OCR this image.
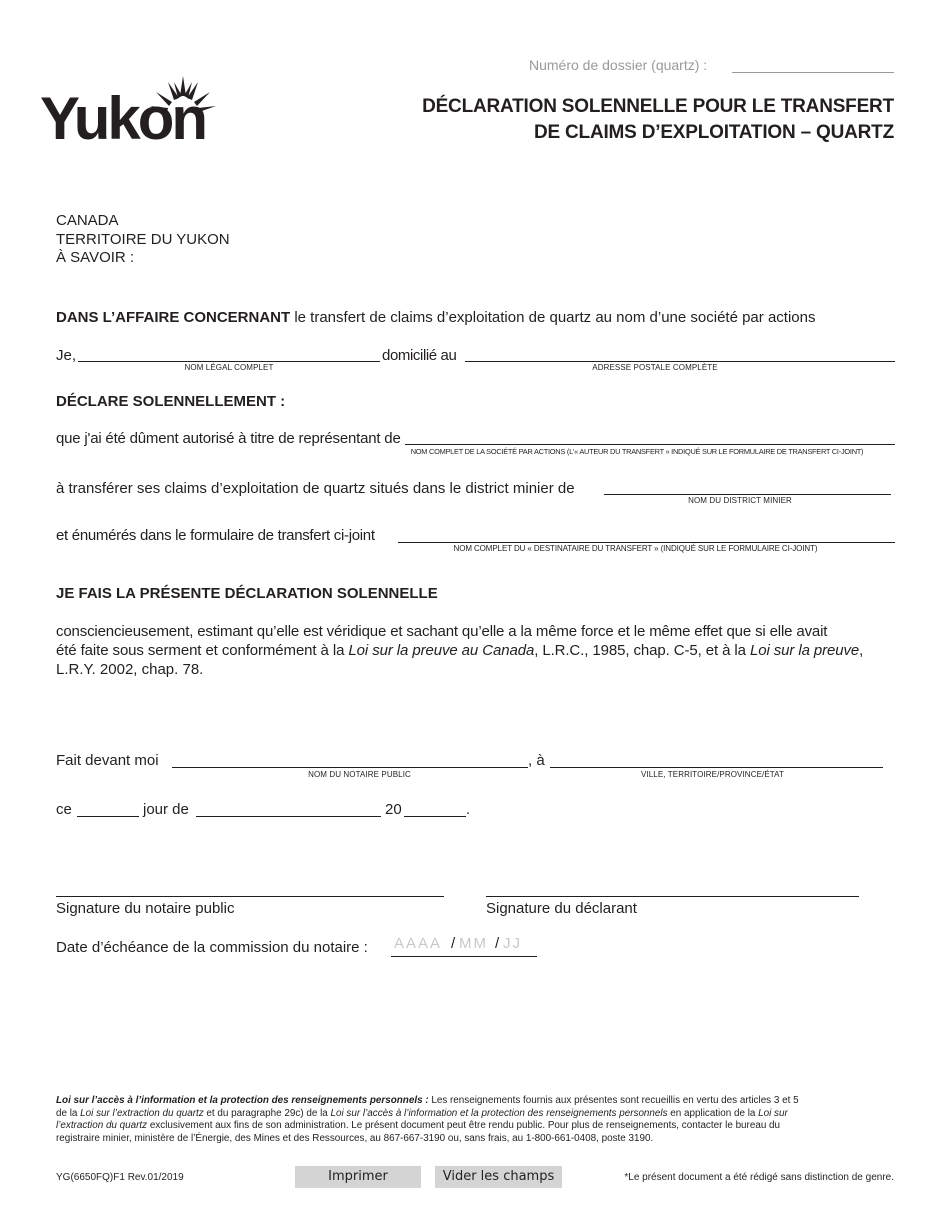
Yukon
Numéro de dossier (quartz) :
DÉCLARATION SOLENNELLE POUR LE TRANSFERT
DE CLAIMS D’EXPLOITATION – QUARTZ
CANADA
TERRITOIRE DU YUKON
À SAVOIR :
DANS L’AFFAIRE CONCERNANT le transfert de claims d’exploitation de quartz au nom d’une société par actions
Je,
NOM LÉGAL COMPLET
domicilié au
ADRESSE POSTALE COMPLÈTE
DÉCLARE SOLENNELLEMENT :
que j'ai été dûment autorisé à titre de représentant de
NOM COMPLET DE LA SOCIÉTÉ PAR ACTIONS (L'« AUTEUR DU TRANSFERT » INDIQUÉ SUR LE FORMULAIRE DE TRANSFERT CI-JOINT)
à transférer ses claims d’exploitation de quartz situés dans le district minier de
NOM DU DISTRICT MINIER
et énumérés dans le formulaire de transfert ci-joint
NOM COMPLET DU « DESTINATAIRE DU TRANSFERT » (INDIQUÉ SUR LE FORMULAIRE CI-JOINT)
JE FAIS LA PRÉSENTE DÉCLARATION SOLENNELLE
consciencieusement, estimant qu’elle est véridique et sachant qu’elle a la même force et le même effet que si elle avait
été faite sous serment et conformément à la Loi sur la preuve au Canada, L.R.C., 1985, chap. C-5, et à la Loi sur la preuve,
L.R.Y. 2002, chap. 78.
Fait devant moi
NOM DU NOTAIRE PUBLIC
, à
VILLE, TERRITOIRE/PROVINCE/ÉTAT
ce	jour de	20	.
Signature du notaire public	Signature du déclarant
Date d’échéance de la commission du notaire : AAAA / MM / JJ
Loi sur l’accès à l’information et la protection des renseignements personnels : Les renseignements fournis aux présentes sont recueillis en vertu des articles 3 et 5
de la Loi sur l’extraction du quartz et du paragraphe 29c) de la Loi sur l’accès à l’information et la protection des renseignements personnels en application de la Loi sur
l’extraction du quartz exclusivement aux fins de son administration. Le présent document peut être rendu public. Pour plus de renseignements, contacter le bureau du
registraire minier, ministère de l’Énergie, des Mines et des Ressources, au 867-667-3190 ou, sans frais, au 1-800-661-0408, poste 3190.
YG(6650FQ)F1 Rev.01/2019	Imprimer	Vider les champs	*Le présent document a été rédigé sans distinction de genre.
